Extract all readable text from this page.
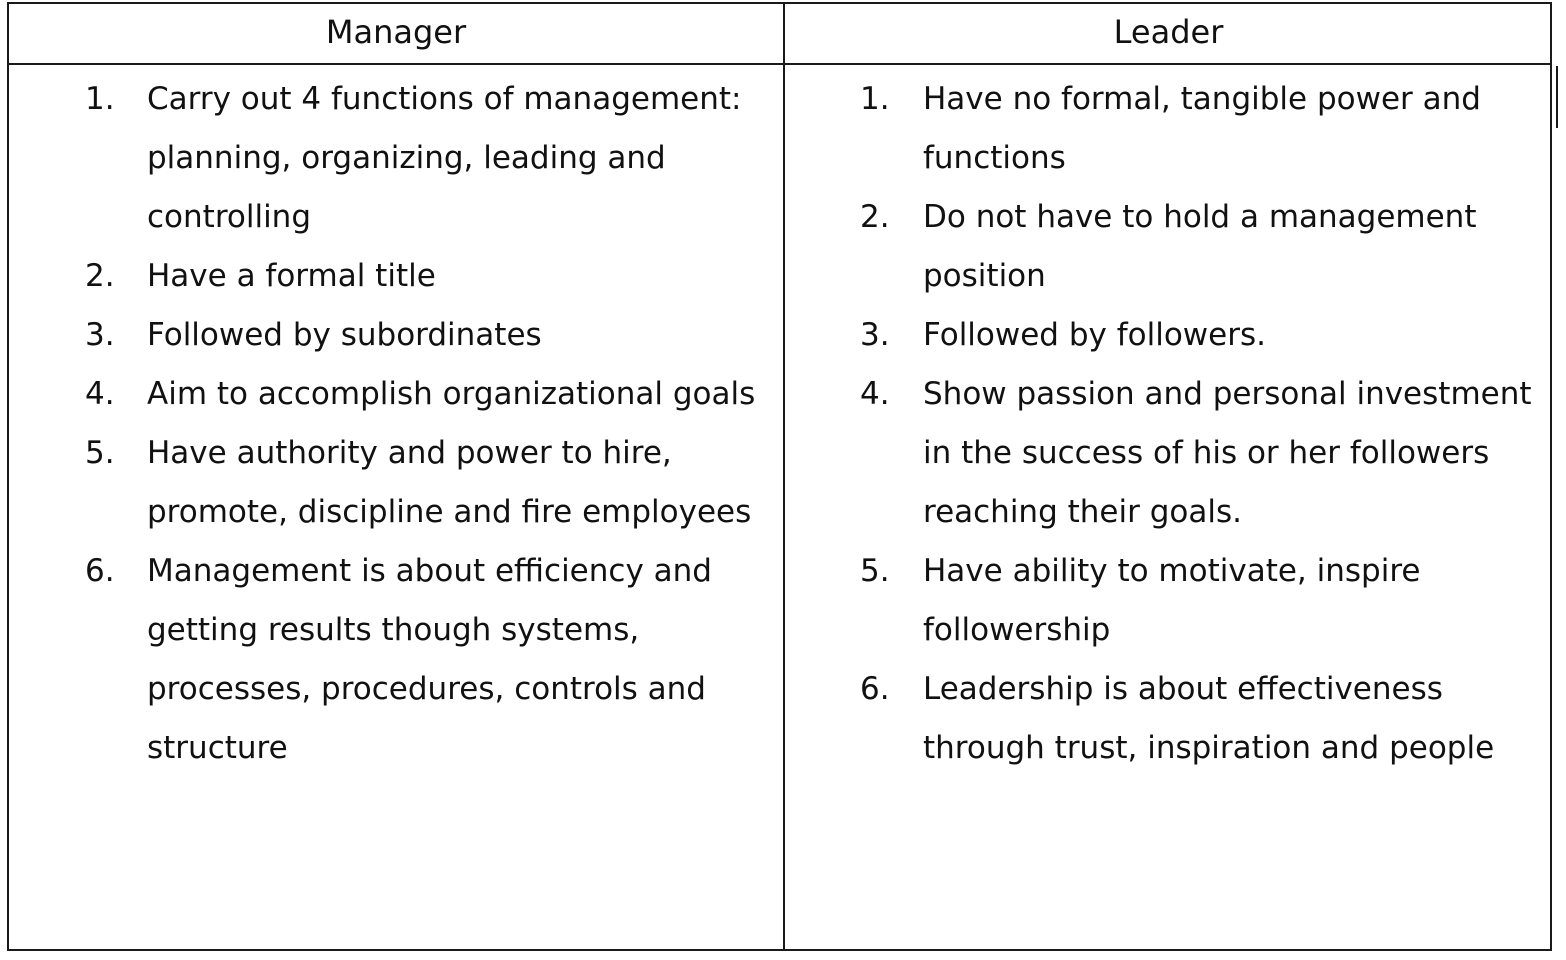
Manager	Leader
1. Carry out 4 functions of management: planning, organizing, leading and controlling
2. Have a formal title
3. Followed by subordinates
4. Aim to accomplish organizational goals
5. Have authority and power to hire, promote, discipline and fire employees
6. Management is about efficiency and getting results though systems, processes, procedures, controls and structure
1. Have no formal, tangible power and functions
2. Do not have to hold a management position
3. Followed by followers.
4. Show passion and personal investment in the success of his or her followers reaching their goals.
5. Have ability to motivate, inspire followership
6. Leadership is about effectiveness through trust, inspiration and people
